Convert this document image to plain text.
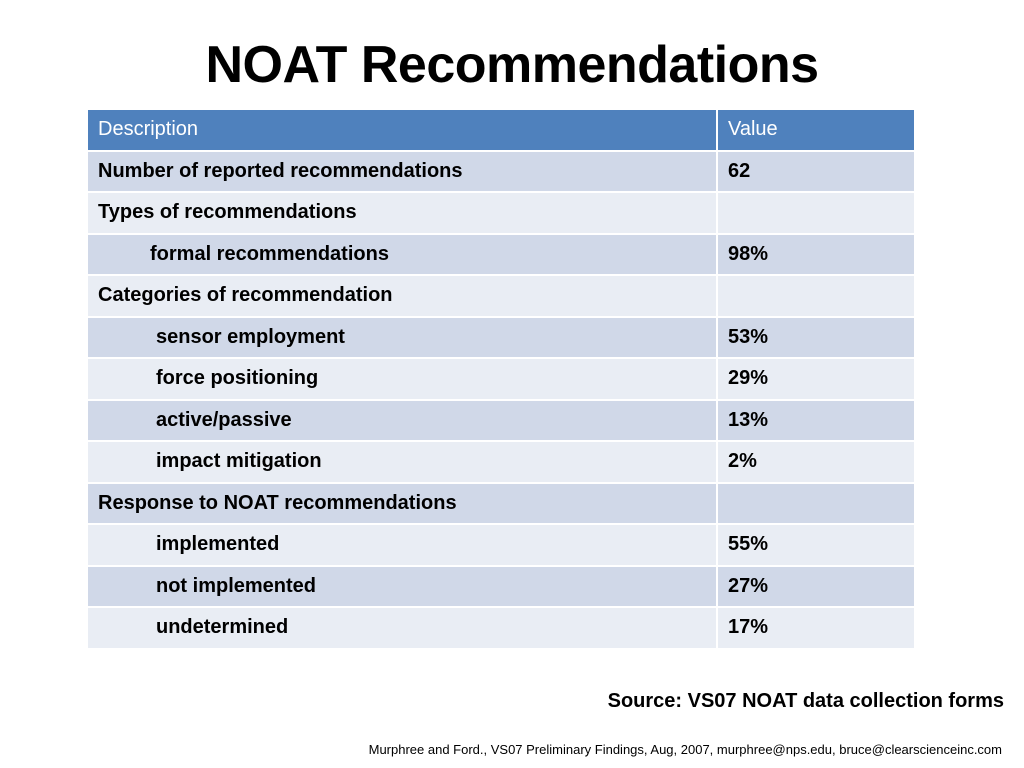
NOAT Recommendations
Description	Value
Number of reported recommendations	62
Types of recommendations	
formal recommendations	98%
Categories of recommendation	
sensor employment	53%
force positioning	29%
active/passive	13%
impact mitigation	2%
Response to NOAT recommendations	
implemented	55%
not implemented	27%
undetermined	17%
Source: VS07 NOAT data collection forms
Murphree and Ford., VS07 Preliminary Findings, Aug, 2007, murphree@nps.edu, bruce@clearscienceinc.com
